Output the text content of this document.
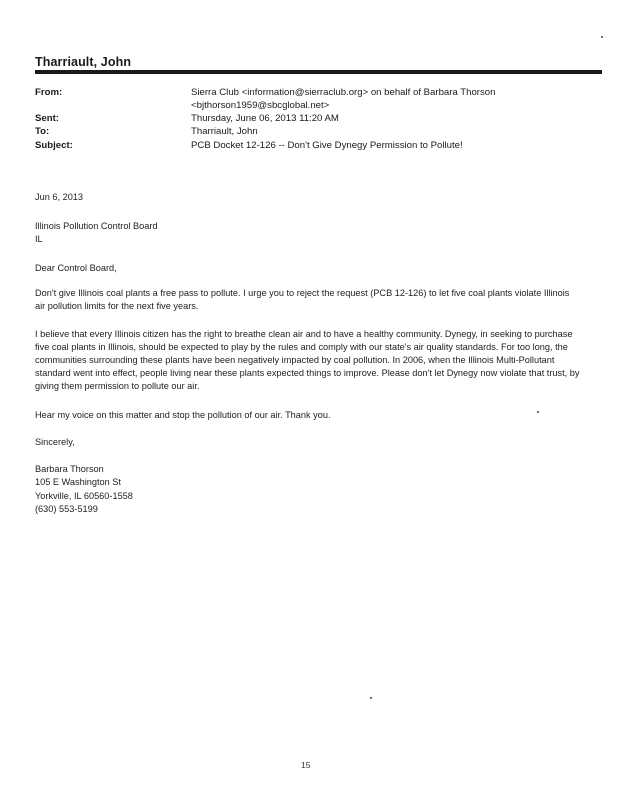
Tharriault, John
From:	Sierra Club <information@sierraclub.org> on behalf of Barbara Thorson
<bjthorson1959@sbcglobal.net>
Sent:	Thursday, June 06, 2013 11:20 AM
To:	Tharriault, John
Subject:	PCB Docket 12-126 -- Don't Give Dynegy Permission to Pollute!
Jun 6, 2013
Illinois Pollution Control Board
IL
Dear Control Board,

Don't give Illinois coal plants a free pass to pollute. I urge you to reject the request (PCB 12-126) to let five coal plants violate Illinois air pollution limits for the next five years.

I believe that every Illinois citizen has the right to breathe clean air and to have a healthy community. Dynegy, in seeking to purchase five coal plants in Illinois, should be expected to play by the rules and comply with our state's air quality standards. For too long, the communities surrounding these plants have been negatively impacted by coal pollution. In 2006, when the Illinois Multi-Pollutant standard went into effect, people living near these plants expected things to improve. Please don't let Dynegy now violate that trust, by giving them permission to pollute our air.

Hear my voice on this matter and stop the pollution of our air. Thank you.

Sincerely,
Barbara Thorson
105 E Washington St
Yorkville, IL 60560-1558
(630) 553-5199
15
